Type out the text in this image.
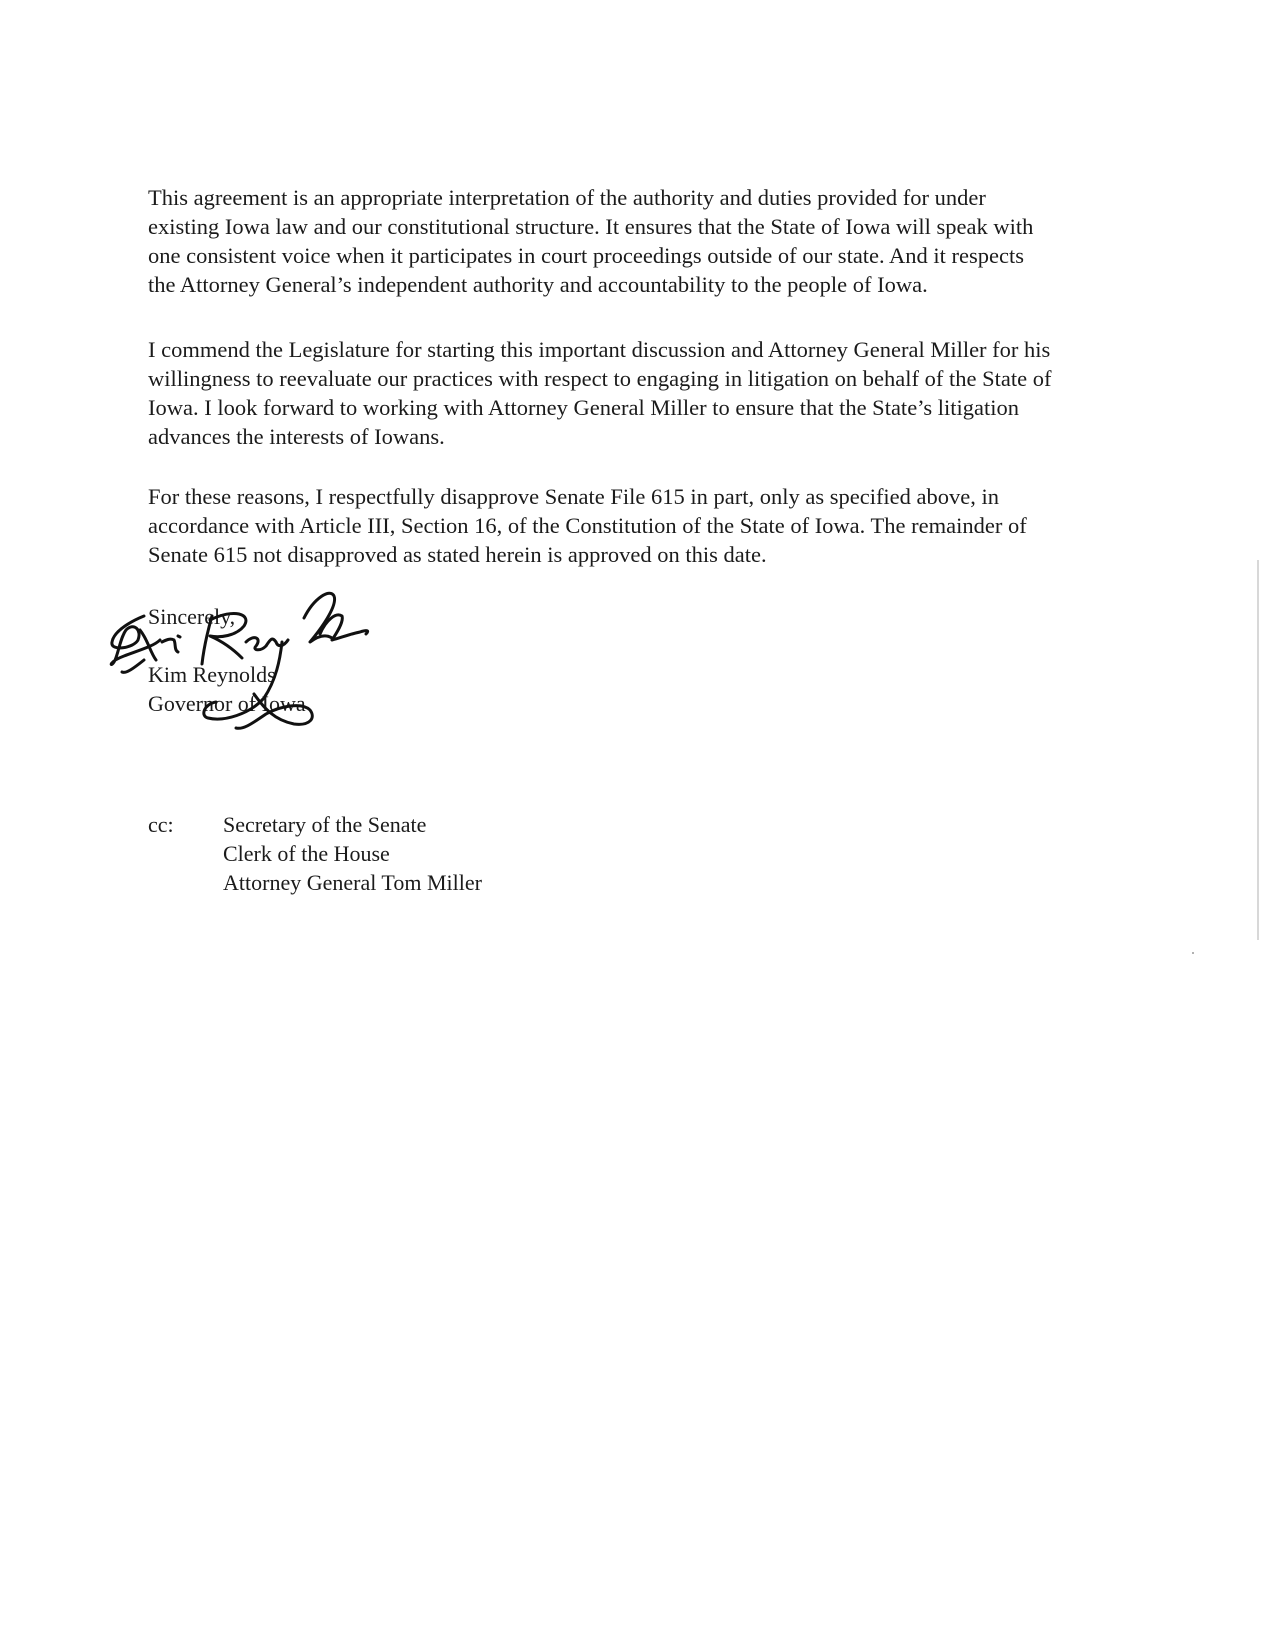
This agreement is an appropriate interpretation of the authority and duties provided for under
existing Iowa law and our constitutional structure. It ensures that the State of Iowa will speak with
one consistent voice when it participates in court proceedings outside of our state. And it respects
the Attorney General’s independent authority and accountability to the people of Iowa.

I commend the Legislature for starting this important discussion and Attorney General Miller for his
willingness to reevaluate our practices with respect to engaging in litigation on behalf of the State of
Iowa. I look forward to working with Attorney General Miller to ensure that the State’s litigation
advances the interests of Iowans.

For these reasons, I respectfully disapprove Senate File 615 in part, only as specified above, in
accordance with Article III, Section 16, of the Constitution of the State of Iowa. The remainder of
Senate 615 not disapproved as stated herein is approved on this date.

Sincerely,
Kim Reynolds
Governor of Iowa
cc: Secretary of the Senate
Clerk of the House
Attorney General Tom Miller
